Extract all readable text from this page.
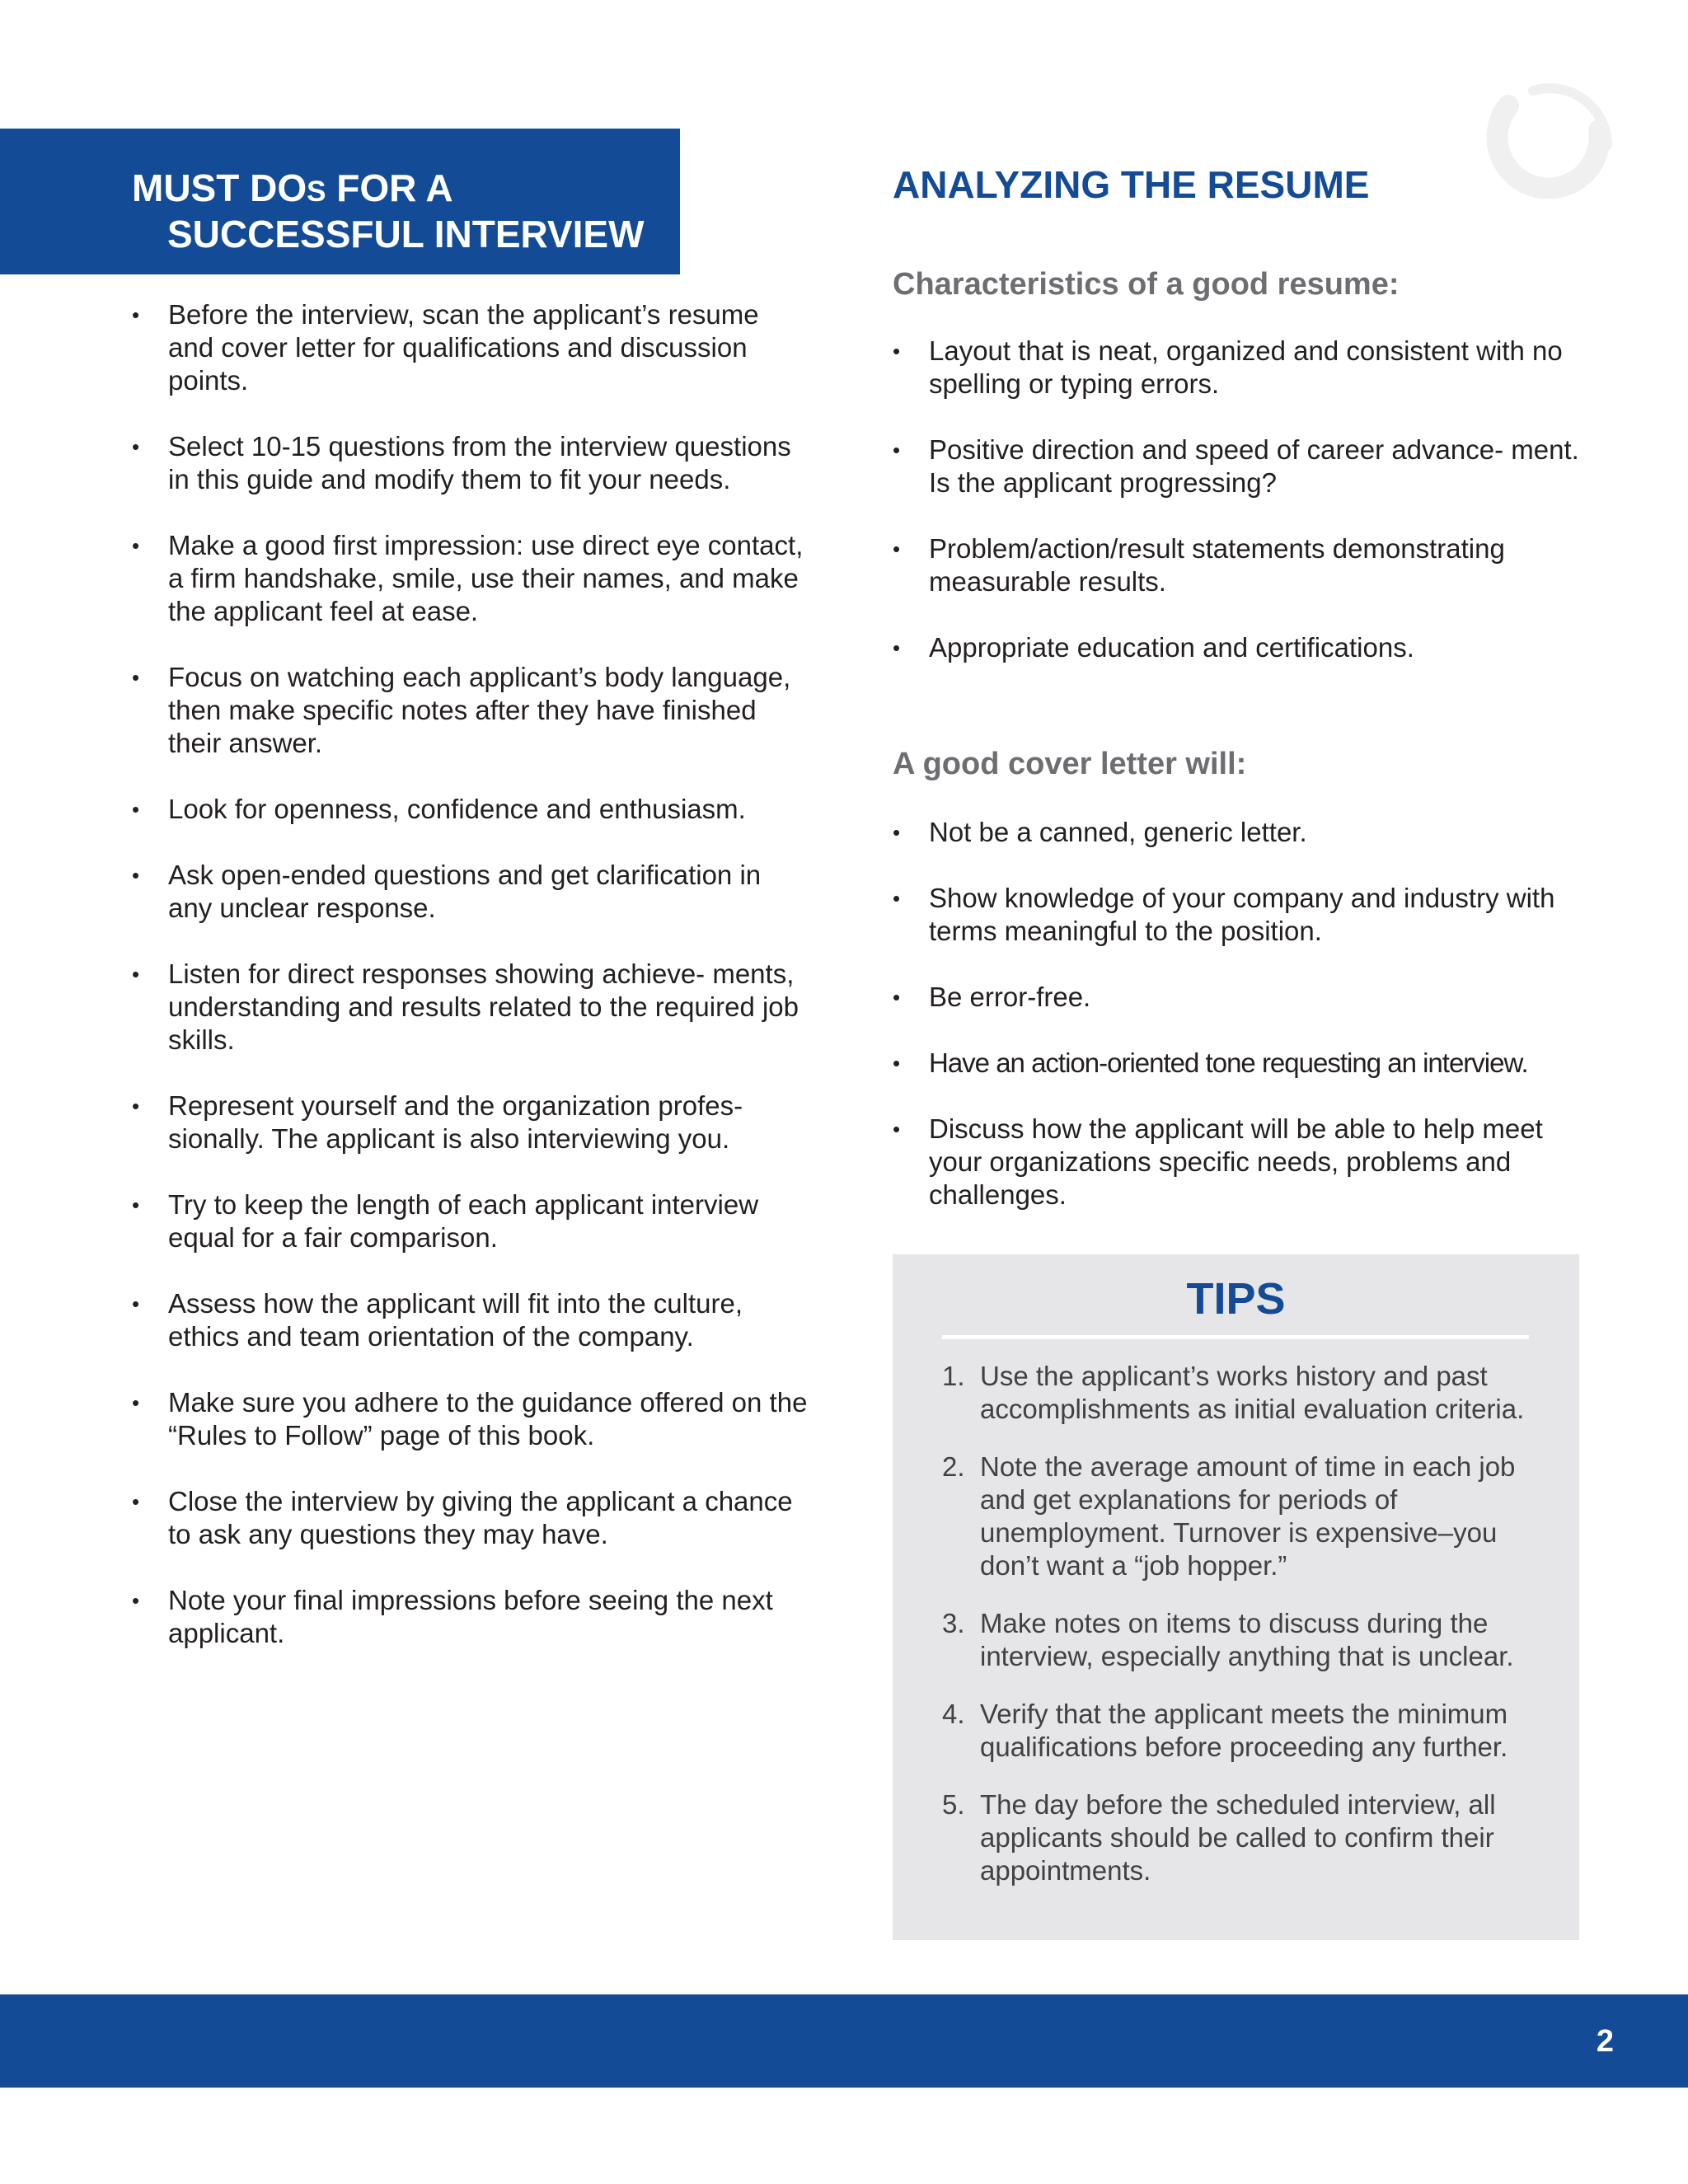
MUST DOS FOR A
SUCCESSFUL INTERVIEW
• Before the interview, scan the applicant’s resume and cover letter for qualifications and discussion points.
• Select 10-15 questions from the interview questions in this guide and modify them to fit your needs.
• Make a good first impression: use direct eye contact, a firm handshake, smile, use their names, and make the applicant feel at ease.
• Focus on watching each applicant’s body language, then make specific notes after they have finished their answer.
• Look for openness, confidence and enthusiasm.
• Ask open-ended questions and get clarification in any unclear response.
• Listen for direct responses showing achieve- ments, understanding and results related to the required job skills.
• Represent yourself and the organization profes- sionally. The applicant is also interviewing you.
• Try to keep the length of each applicant interview equal for a fair comparison.
• Assess how the applicant will fit into the culture, ethics and team orientation of the company.
• Make sure you adhere to the guidance offered on the “Rules to Follow” page of this book.
• Close the interview by giving the applicant a chance to ask any questions they may have.
• Note your final impressions before seeing the next applicant.
ANALYZING THE RESUME
Characteristics of a good resume:
• Layout that is neat, organized and consistent with no spelling or typing errors.
• Positive direction and speed of career advance- ment. Is the applicant progressing?
• Problem/action/result statements demonstrating measurable results.
• Appropriate education and certifications.
A good cover letter will:
• Not be a canned, generic letter.
• Show knowledge of your company and industry with terms meaningful to the position.
• Be error-free.
• Have an action-oriented tone requesting an interview.
• Discuss how the applicant will be able to help meet your organizations specific needs, problems and challenges.
TIPS
1. Use the applicant’s works history and past accomplishments as initial evaluation criteria.
2. Note the average amount of time in each job and get explanations for periods of unemployment. Turnover is expensive–you don’t want a “job hopper.”
3. Make notes on items to discuss during the interview, especially anything that is unclear.
4. Verify that the applicant meets the minimum qualifications before proceeding any further.
5. The day before the scheduled interview, all applicants should be called to confirm their appointments.
2
